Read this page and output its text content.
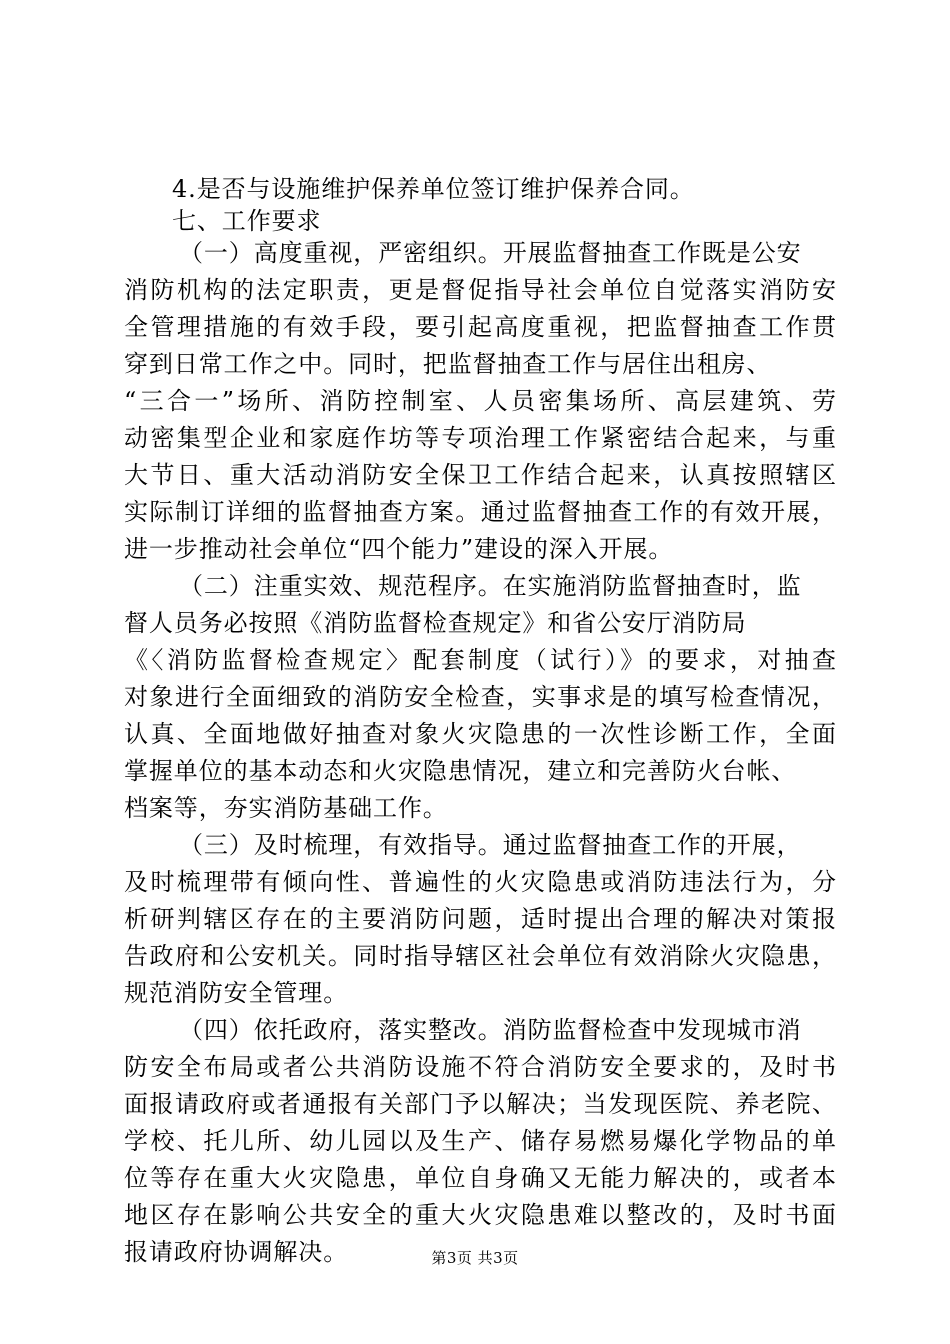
4.是否与设施维护保养单位签订维护保养合同。
七、工作要求
（一）高度重视，严密组织。开展监督抽查工作既是公安
消防机构的法定职责，更是督促指导社会单位自觉落实消防安
全管理措施的有效手段，要引起高度重视，把监督抽查工作贯
穿到日常工作之中。同时，把监督抽查工作与居住出租房、
“三合一”场所、消防控制室、人员密集场所、高层建筑、劳
动密集型企业和家庭作坊等专项治理工作紧密结合起来，与重
大节日、重大活动消防安全保卫工作结合起来，认真按照辖区
实际制订详细的监督抽查方案。通过监督抽查工作的有效开展，
进一步推动社会单位“四个能力”建设的深入开展。
（二）注重实效、规范程序。在实施消防监督抽查时，监
督人员务必按照《消防监督检查规定》和省公安厅消防局
《〈消防监督检查规定〉配套制度（试行）》的要求，对抽查
对象进行全面细致的消防安全检查，实事求是的填写检查情况，
认真、全面地做好抽查对象火灾隐患的一次性诊断工作，全面
掌握单位的基本动态和火灾隐患情况，建立和完善防火台帐、
档案等，夯实消防基础工作。
（三）及时梳理，有效指导。通过监督抽查工作的开展，
及时梳理带有倾向性、普遍性的火灾隐患或消防违法行为，分
析研判辖区存在的主要消防问题，适时提出合理的解决对策报
告政府和公安机关。同时指导辖区社会单位有效消除火灾隐患，
规范消防安全管理。
（四）依托政府，落实整改。消防监督检查中发现城市消
防安全布局或者公共消防设施不符合消防安全要求的，及时书
面报请政府或者通报有关部门予以解决；当发现医院、养老院、
学校、托儿所、幼儿园以及生产、储存易燃易爆化学物品的单
位等存在重大火灾隐患，单位自身确又无能力解决的，或者本
地区存在影响公共安全的重大火灾隐患难以整改的，及时书面
报请政府协调解决。	第3页 共3页
